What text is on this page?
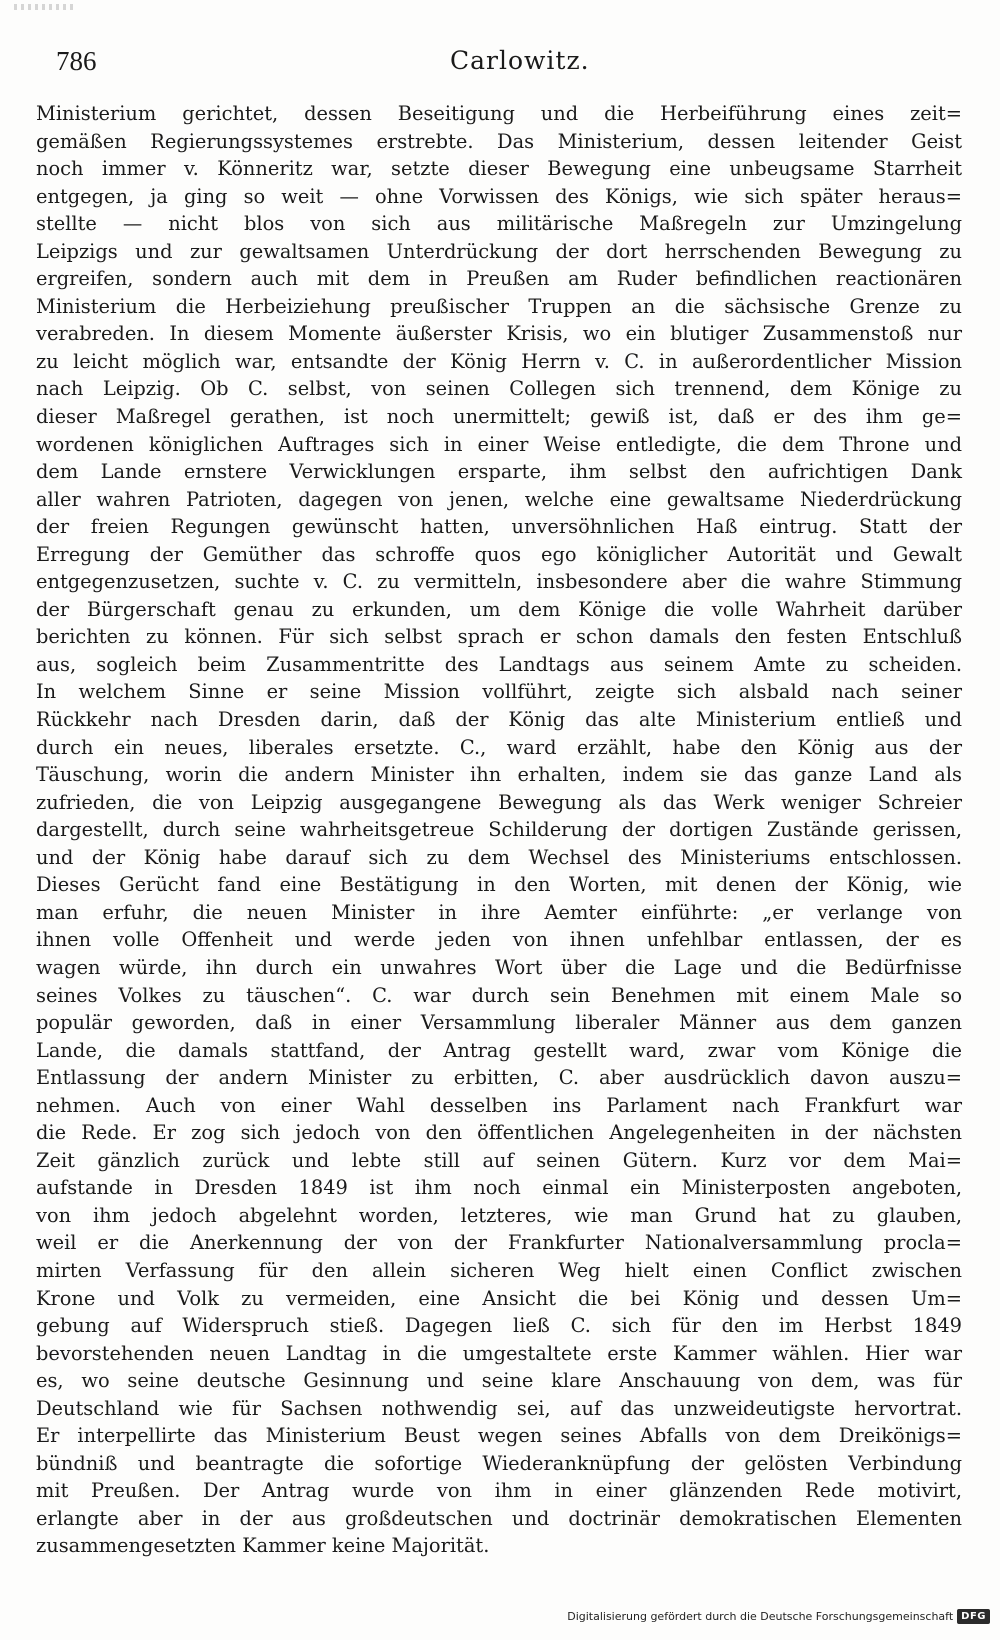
786	Carlowitz.
Ministerium gerichtet, dessen Beseitigung und die Herbeiführung eines zeit=
gemäßen Regierungssystemes erstrebte. Das Ministerium, dessen leitender Geist
noch immer v. Könneritz war, setzte dieser Bewegung eine unbeugsame Starrheit
entgegen, ja ging so weit — ohne Vorwissen des Königs, wie sich später heraus=
stellte — nicht blos von sich aus militärische Maßregeln zur Umzingelung
Leipzigs und zur gewaltsamen Unterdrückung der dort herrschenden Bewegung zu
ergreifen, sondern auch mit dem in Preußen am Ruder befindlichen reactionären
Ministerium die Herbeiziehung preußischer Truppen an die sächsische Grenze zu
verabreden. In diesem Momente äußerster Krisis, wo ein blutiger Zusammenstoß nur
zu leicht möglich war, entsandte der König Herrn v. C. in außerordentlicher Mission
nach Leipzig. Ob C. selbst, von seinen Collegen sich trennend, dem Könige zu
dieser Maßregel gerathen, ist noch unermittelt; gewiß ist, daß er des ihm ge=
wordenen königlichen Auftrages sich in einer Weise entledigte, die dem Throne und
dem Lande ernstere Verwicklungen ersparte, ihm selbst den aufrichtigen Dank
aller wahren Patrioten, dagegen von jenen, welche eine gewaltsame Niederdrückung
der freien Regungen gewünscht hatten, unversöhnlichen Haß eintrug. Statt der
Erregung der Gemüther das schroffe quos ego königlicher Autorität und Gewalt
entgegenzusetzen, suchte v. C. zu vermitteln, insbesondere aber die wahre Stimmung
der Bürgerschaft genau zu erkunden, um dem Könige die volle Wahrheit darüber
berichten zu können. Für sich selbst sprach er schon damals den festen Entschluß
aus, sogleich beim Zusammentritte des Landtags aus seinem Amte zu scheiden.
In welchem Sinne er seine Mission vollführt, zeigte sich alsbald nach seiner
Rückkehr nach Dresden darin, daß der König das alte Ministerium entließ und
durch ein neues, liberales ersetzte. C., ward erzählt, habe den König aus der
Täuschung, worin die andern Minister ihn erhalten, indem sie das ganze Land als
zufrieden, die von Leipzig ausgegangene Bewegung als das Werk weniger Schreier
dargestellt, durch seine wahrheitsgetreue Schilderung der dortigen Zustände gerissen,
und der König habe darauf sich zu dem Wechsel des Ministeriums entschlossen.
Dieses Gerücht fand eine Bestätigung in den Worten, mit denen der König, wie
man erfuhr, die neuen Minister in ihre Aemter einführte: „er verlange von
ihnen volle Offenheit und werde jeden von ihnen unfehlbar entlassen, der es
wagen würde, ihn durch ein unwahres Wort über die Lage und die Bedürfnisse
seines Volkes zu täuschen“. C. war durch sein Benehmen mit einem Male so
populär geworden, daß in einer Versammlung liberaler Männer aus dem ganzen
Lande, die damals stattfand, der Antrag gestellt ward, zwar vom Könige die
Entlassung der andern Minister zu erbitten, C. aber ausdrücklich davon auszu=
nehmen. Auch von einer Wahl desselben ins Parlament nach Frankfurt war
die Rede. Er zog sich jedoch von den öffentlichen Angelegenheiten in der nächsten
Zeit gänzlich zurück und lebte still auf seinen Gütern. Kurz vor dem Mai=
aufstande in Dresden 1849 ist ihm noch einmal ein Ministerposten angeboten,
von ihm jedoch abgelehnt worden, letzteres, wie man Grund hat zu glauben,
weil er die Anerkennung der von der Frankfurter Nationalversammlung procla=
mirten Verfassung für den allein sicheren Weg hielt einen Conflict zwischen
Krone und Volk zu vermeiden, eine Ansicht die bei König und dessen Um=
gebung auf Widerspruch stieß. Dagegen ließ C. sich für den im Herbst 1849
bevorstehenden neuen Landtag in die umgestaltete erste Kammer wählen. Hier war
es, wo seine deutsche Gesinnung und seine klare Anschauung von dem, was für
Deutschland wie für Sachsen nothwendig sei, auf das unzweideutigste hervortrat.
Er interpellirte das Ministerium Beust wegen seines Abfalls von dem Dreikönigs=
bündniß und beantragte die sofortige Wiederanknüpfung der gelösten Verbindung
mit Preußen. Der Antrag wurde von ihm in einer glänzenden Rede motivirt,
erlangte aber in der aus großdeutschen und doctrinär demokratischen Elementen
zusammengesetzten Kammer keine Majorität.
Digitalisierung gefördert durch die Deutsche Forschungsgemeinschaft DFG
